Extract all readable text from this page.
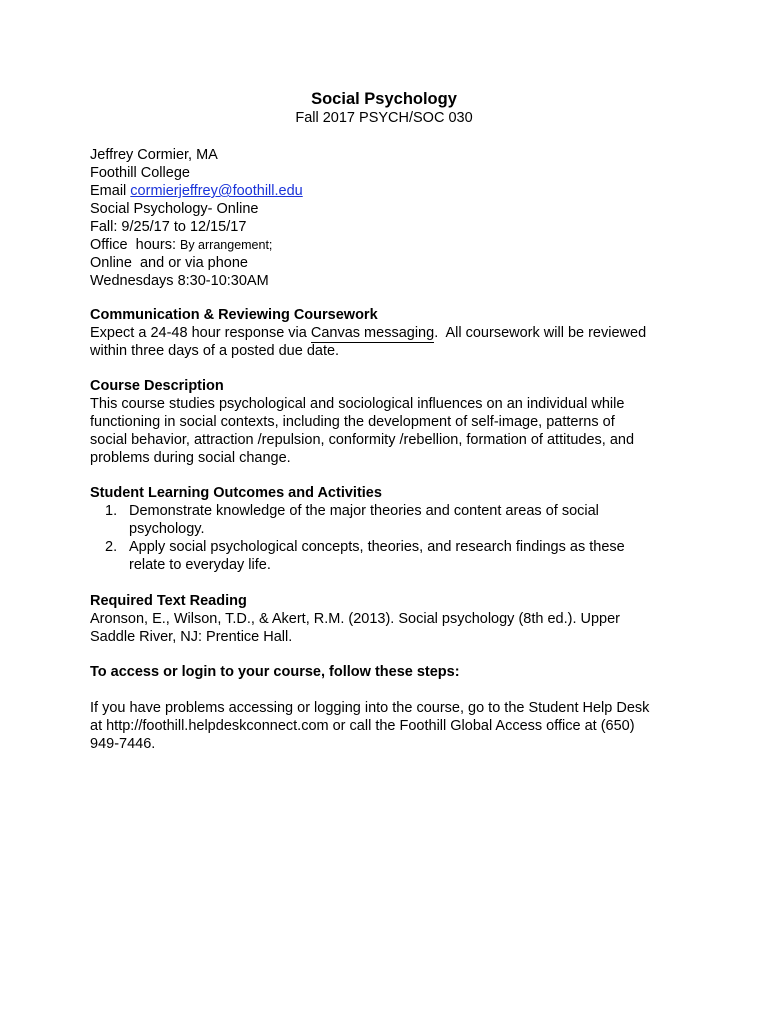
Social Psychology
Fall 2017 PSYCH/SOC 030
Jeffrey Cormier, MA
Foothill College
Email cormierjeffrey@foothill.edu
Social Psychology- Online
Fall: 9/25/17 to 12/15/17
Office  hours: By arrangement;
Online  and or via phone
Wednesdays 8:30-10:30AM
Communication & Reviewing Coursework
Expect a 24-48 hour response via Canvas messaging.  All coursework will be reviewed
within three days of a posted due date.
Course Description
This course studies psychological and sociological influences on an individual while
functioning in social contexts, including the development of self-image, patterns of
social behavior, attraction /repulsion, conformity /rebellion, formation of attitudes, and
problems during social change.
Student Learning Outcomes and Activities
1. Demonstrate knowledge of the major theories and content areas of social
psychology.
2. Apply social psychological concepts, theories, and research findings as these
relate to everyday life.
Required Text Reading
Aronson, E., Wilson, T.D., & Akert, R.M. (2013). Social psychology (8th ed.). Upper
Saddle River, NJ: Prentice Hall.
To access or login to your course, follow these steps:
If you have problems accessing or logging into the course, go to the Student Help Desk
at http://foothill.helpdeskconnect.com or call the Foothill Global Access office at (650)
949-7446.
